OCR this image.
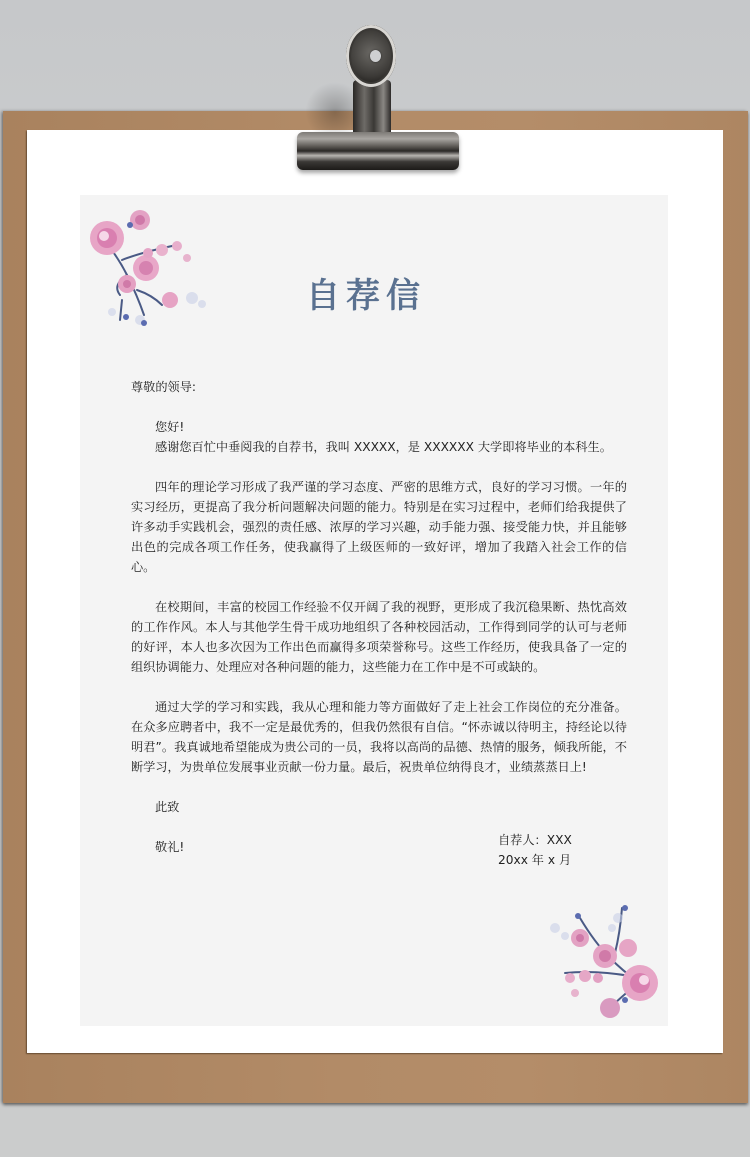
自荐信

尊敬的领导:

您好!

感谢您百忙中垂阅我的自荐书，我叫 XXXXX，是 XXXXXX 大学即将毕业的本科生。

四年的理论学习形成了我严谨的学习态度、严密的思维方式，良好的学习习惯。一年的实习经历，更提高了我分析问题解决问题的能力。特别是在实习过程中，老师们给我提供了许多动手实践机会，强烈的责任感、浓厚的学习兴趣，动手能力强、接受能力快，并且能够出色的完成各项工作任务，使我赢得了上级医师的一致好评，增加了我踏入社会工作的信心。

在校期间，丰富的校园工作经验不仅开阔了我的视野，更形成了我沉稳果断、热忱高效的工作作风。本人与其他学生骨干成功地组织了各种校园活动，工作得到同学的认可与老师的好评，本人也多次因为工作出色而赢得多项荣誉称号。这些工作经历，使我具备了一定的组织协调能力、处理应对各种问题的能力，这些能力在工作中是不可或缺的。

通过大学的学习和实践，我从心理和能力等方面做好了走上社会工作岗位的充分准备。在众多应聘者中，我不一定是最优秀的，但我仍然很有自信。“怀赤诚以待明主，持经论以待明君”。我真诚地希望能成为贵公司的一员，我将以高尚的品德、热情的服务，倾我所能，不断学习，为贵单位发展事业贡献一份力量。最后，祝贵单位纳得良才，业绩蒸蒸日上!

此致

敬礼!	自荐人：XXX
20xx 年 x 月
